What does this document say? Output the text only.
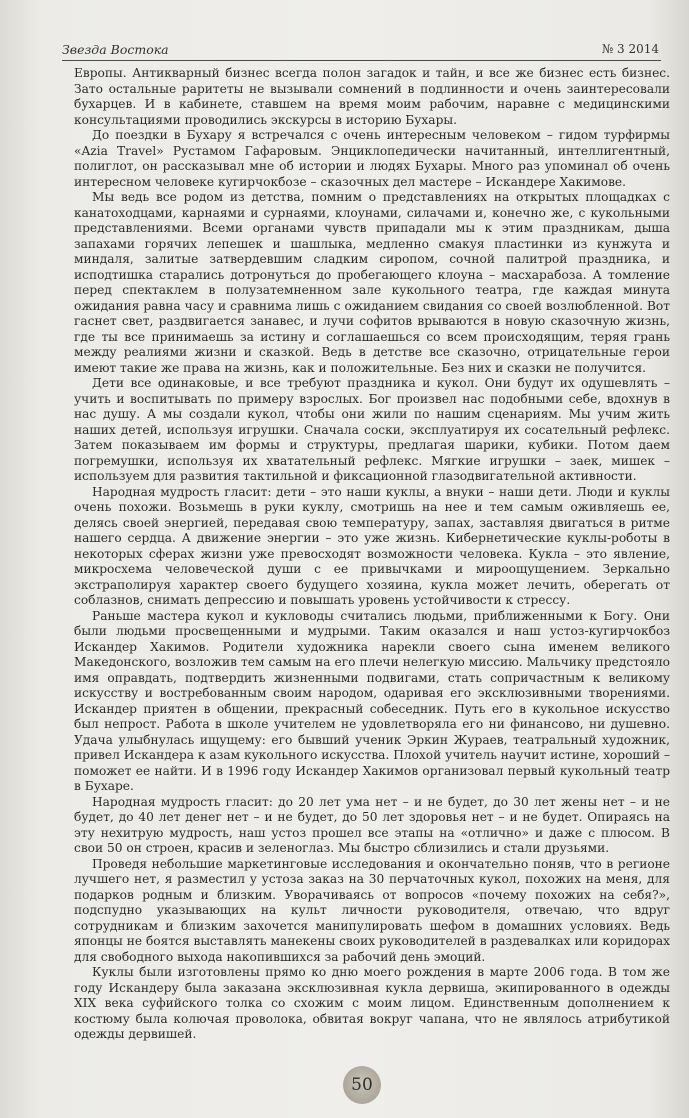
Звезда Востока	№ 3 2014

Европы. Антикварный бизнес всегда полон загадок и тайн, и все же бизнес есть бизнес. Зато остальные раритеты не вызывали сомнений в подлинности и очень заинтересовали бухарцев. И в кабинете, ставшем на время моим рабочим, наравне с медицинскими консультациями проводились экскурсы в историю Бухары.

До поездки в Бухару я встречался с очень интересным человеком – гидом турфирмы «Azia Travel» Рустамом Гафаровым. Энциклопедически начитанный, интеллигентный, полиглот, он рассказывал мне об истории и людях Бухары. Много раз упоминал об очень интересном человеке кугирчокбозе – сказочных дел мастере – Искандере Хакимове.

Мы ведь все родом из детства, помним о представлениях на открытых площадках с канатоходцами, карнаями и сурнаями, клоунами, силачами и, конечно же, с кукольными представлениями. Всеми органами чувств припадали мы к этим праздникам, дыша запахами горячих лепешек и шашлыка, медленно смакуя пластинки из кунжута и миндаля, залитые затвердевшим сладким сиропом, сочной палитрой праздника, и исподтишка старались дотронуться до пробегающего клоуна – масхарабоза. А томление перед спектаклем в полузатемненном зале кукольного театра, где каждая минута ожидания равна часу и сравнима лишь с ожиданием свидания со своей возлюбленной. Вот гаснет свет, раздвигается занавес, и лучи софитов врываются в новую сказочную жизнь, где ты все принимаешь за истину и соглашаешься со всем происходящим, теряя грань между реалиями жизни и сказкой. Ведь в детстве все сказочно, отрицательные герои имеют такие же права на жизнь, как и положительные. Без них и сказки не получится.

Дети все одинаковые, и все требуют праздника и кукол. Они будут их одушевлять – учить и воспитывать по примеру взрослых. Бог произвел нас подобными себе, вдохнув в нас душу. А мы создали кукол, чтобы они жили по нашим сценариям. Мы учим жить наших детей, используя игрушки. Сначала соски, эксплуатируя их сосательный рефлекс. Затем показываем им формы и структуры, предлагая шарики, кубики. Потом даем погремушки, используя их хватательный рефлекс. Мягкие игрушки – заек, мишек – используем для развития тактильной и фиксационной глазодвигательной активности.

Народная мудрость гласит: дети – это наши куклы, а внуки – наши дети. Люди и куклы очень похожи. Возьмешь в руки куклу, смотришь на нее и тем самым оживляешь ее, делясь своей энергией, передавая свою температуру, запах, заставляя двигаться в ритме нашего сердца. А движение энергии – это уже жизнь. Кибернетические куклы-роботы в некоторых сферах жизни уже превосходят возможности человека. Кукла – это явление, микросхема человеческой души с ее привычками и мироощущением. Зеркально экстраполируя характер своего будущего хозяина, кукла может лечить, оберегать от соблазнов, снимать депрессию и повышать уровень устойчивости к стрессу.

Раньше мастера кукол и кукловоды считались людьми, приближенными к Богу. Они были людьми просвещенными и мудрыми. Таким оказался и наш устоз-кугирчокбоз Искандер Хакимов. Родители художника нарекли своего сына именем великого Македонского, возложив тем самым на его плечи нелегкую миссию. Мальчику предстояло имя оправдать, подтвердить жизненными подвигами, стать сопричастным к великому искусству и востребованным своим народом, одаривая его эксклюзивными творениями. Искандер приятен в общении, прекрасный собеседник. Путь его в кукольное искусство был непрост. Работа в школе учителем не удовлетворяла его ни финансово, ни душевно. Удача улыбнулась ищущему: его бывший ученик Эркин Жураев, театральный художник, привел Искандера к азам кукольного искусства. Плохой учитель научит истине, хороший – поможет ее найти. И в 1996 году Искандер Хакимов организовал первый кукольный театр в Бухаре.

Народная мудрость гласит: до 20 лет ума нет – и не будет, до 30 лет жены нет – и не будет, до 40 лет денег нет – и не будет, до 50 лет здоровья нет – и не будет. Опираясь на эту нехитрую мудрость, наш устоз прошел все этапы на «отлично» и даже с плюсом. В свои 50 он строен, красив и зеленоглаз. Мы быстро сблизились и стали друзьями.

Проведя небольшие маркетинговые исследования и окончательно поняв, что в регионе лучшего нет, я разместил у устоза заказ на 30 перчаточных кукол, похожих на меня, для подарков родным и близким. Уворачиваясь от вопросов «почему похожих на себя?», подспудно указывающих на культ личности руководителя, отвечаю, что вдруг сотрудникам и близким захочется манипулировать шефом в домашних условиях. Ведь японцы не боятся выставлять манекены своих руководителей в раздевалках или коридорах для свободного выхода накопившихся за рабочий день эмоций.

Куклы были изготовлены прямо ко дню моего рождения в марте 2006 года. В том же году Искандеру была заказана эксклюзивная кукла дервиша, экипированного в одежды XIX века суфийского толка со схожим с моим лицом. Единственным дополнением к костюму была колючая проволока, обвитая вокруг чапана, что не являлось атрибутикой одежды дервишей.

50
